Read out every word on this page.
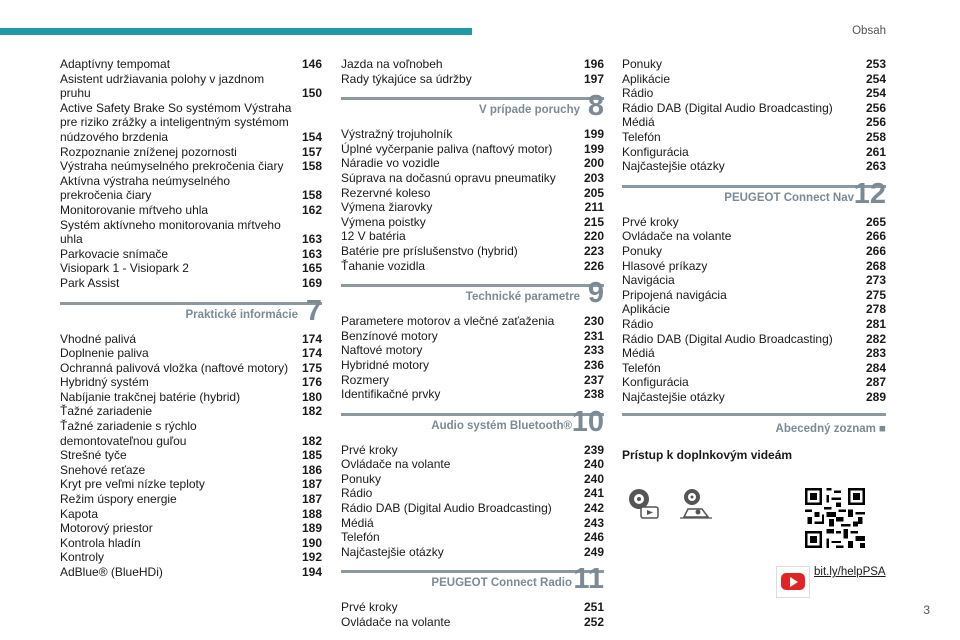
Obsah
Adaptívny tempomat	146
Asistent udržiavania polohy v jazdnom pruhu	150
Active Safety Brake So systémom Výstraha pre riziko zrážky a inteligentným systémom núdzového brzdenia	154
Rozpoznanie zníženej pozornosti	157
Výstraha neúmyselného prekročenia čiary	158
Aktívna výstraha neúmyselného prekročenia čiary	158
Monitorovanie mŕtveho uhla	162
Systém aktívneho monitorovania mŕtveho uhla	163
Parkovacie snímače	163
Visiopark 1 - Visiopark 2	165
Park Assist	169
Praktické informácie 7
Vhodné palivá	174
Doplnenie paliva	174
Ochranná palivová vložka (naftové motory)	175
Hybridný systém	176
Nabíjanie trakčnej batérie (hybrid)	180
Ťažné zariadenie	182
Ťažné zariadenie s rýchlo demontovateľnou guľou	182
Strešné tyče	185
Snehové reťaze	186
Kryt pre veľmi nízke teploty	187
Režim úspory energie	187
Kapota	188
Motorový priestor	189
Kontrola hladín	190
Kontroly	192
AdBlue® (BlueHDi)	194
Jazda na voľnobeh	196
Rady týkajúce sa údržby	197
V prípade poruchy 8
Výstražný trojuholník	199
Úplné vyčerpanie paliva (naftový motor)	199
Náradie vo vozidle	200
Súprava na dočasnú opravu pneumatiky	203
Rezervné koleso	205
Výmena žiarovky	211
Výmena poistky	215
12 V batéria	220
Batérie pre príslušenstvo (hybrid)	223
Ťahanie vozidla	226
Technické parametre 9
Parametere motorov a vlečné zaťaženia	230
Benzínové motory	231
Naftové motory	233
Hybridné motory	236
Rozmery	237
Identifikačné prvky	238
Audio systém Bluetooth® 10
Prvé kroky	239
Ovládače na volante	240
Ponuky	240
Rádio	241
Rádio DAB (Digital Audio Broadcasting)	242
Médiá	243
Telefón	246
Najčastejšie otázky	249
PEUGEOT Connect Radio 11
Prvé kroky	251
Ovládače na volante	252
Ponuky	253
Aplikácie	254
Rádio	254
Rádio DAB (Digital Audio Broadcasting)	256
Médiá	256
Telefón	258
Konfigurácia	261
Najčastejšie otázky	263
PEUGEOT Connect Nav 12
Prvé kroky	265
Ovládače na volante	266
Ponuky	266
Hlasové príkazy	268
Navigácia	273
Pripojená navigácia	275
Aplikácie	278
Rádio	281
Rádio DAB (Digital Audio Broadcasting)	282
Médiá	283
Telefón	284
Konfigurácia	287
Najčastejšie otázky	289
Abecedný zoznam ■
Prístup k doplnkovým videám
bit.ly/helpPSA
3
